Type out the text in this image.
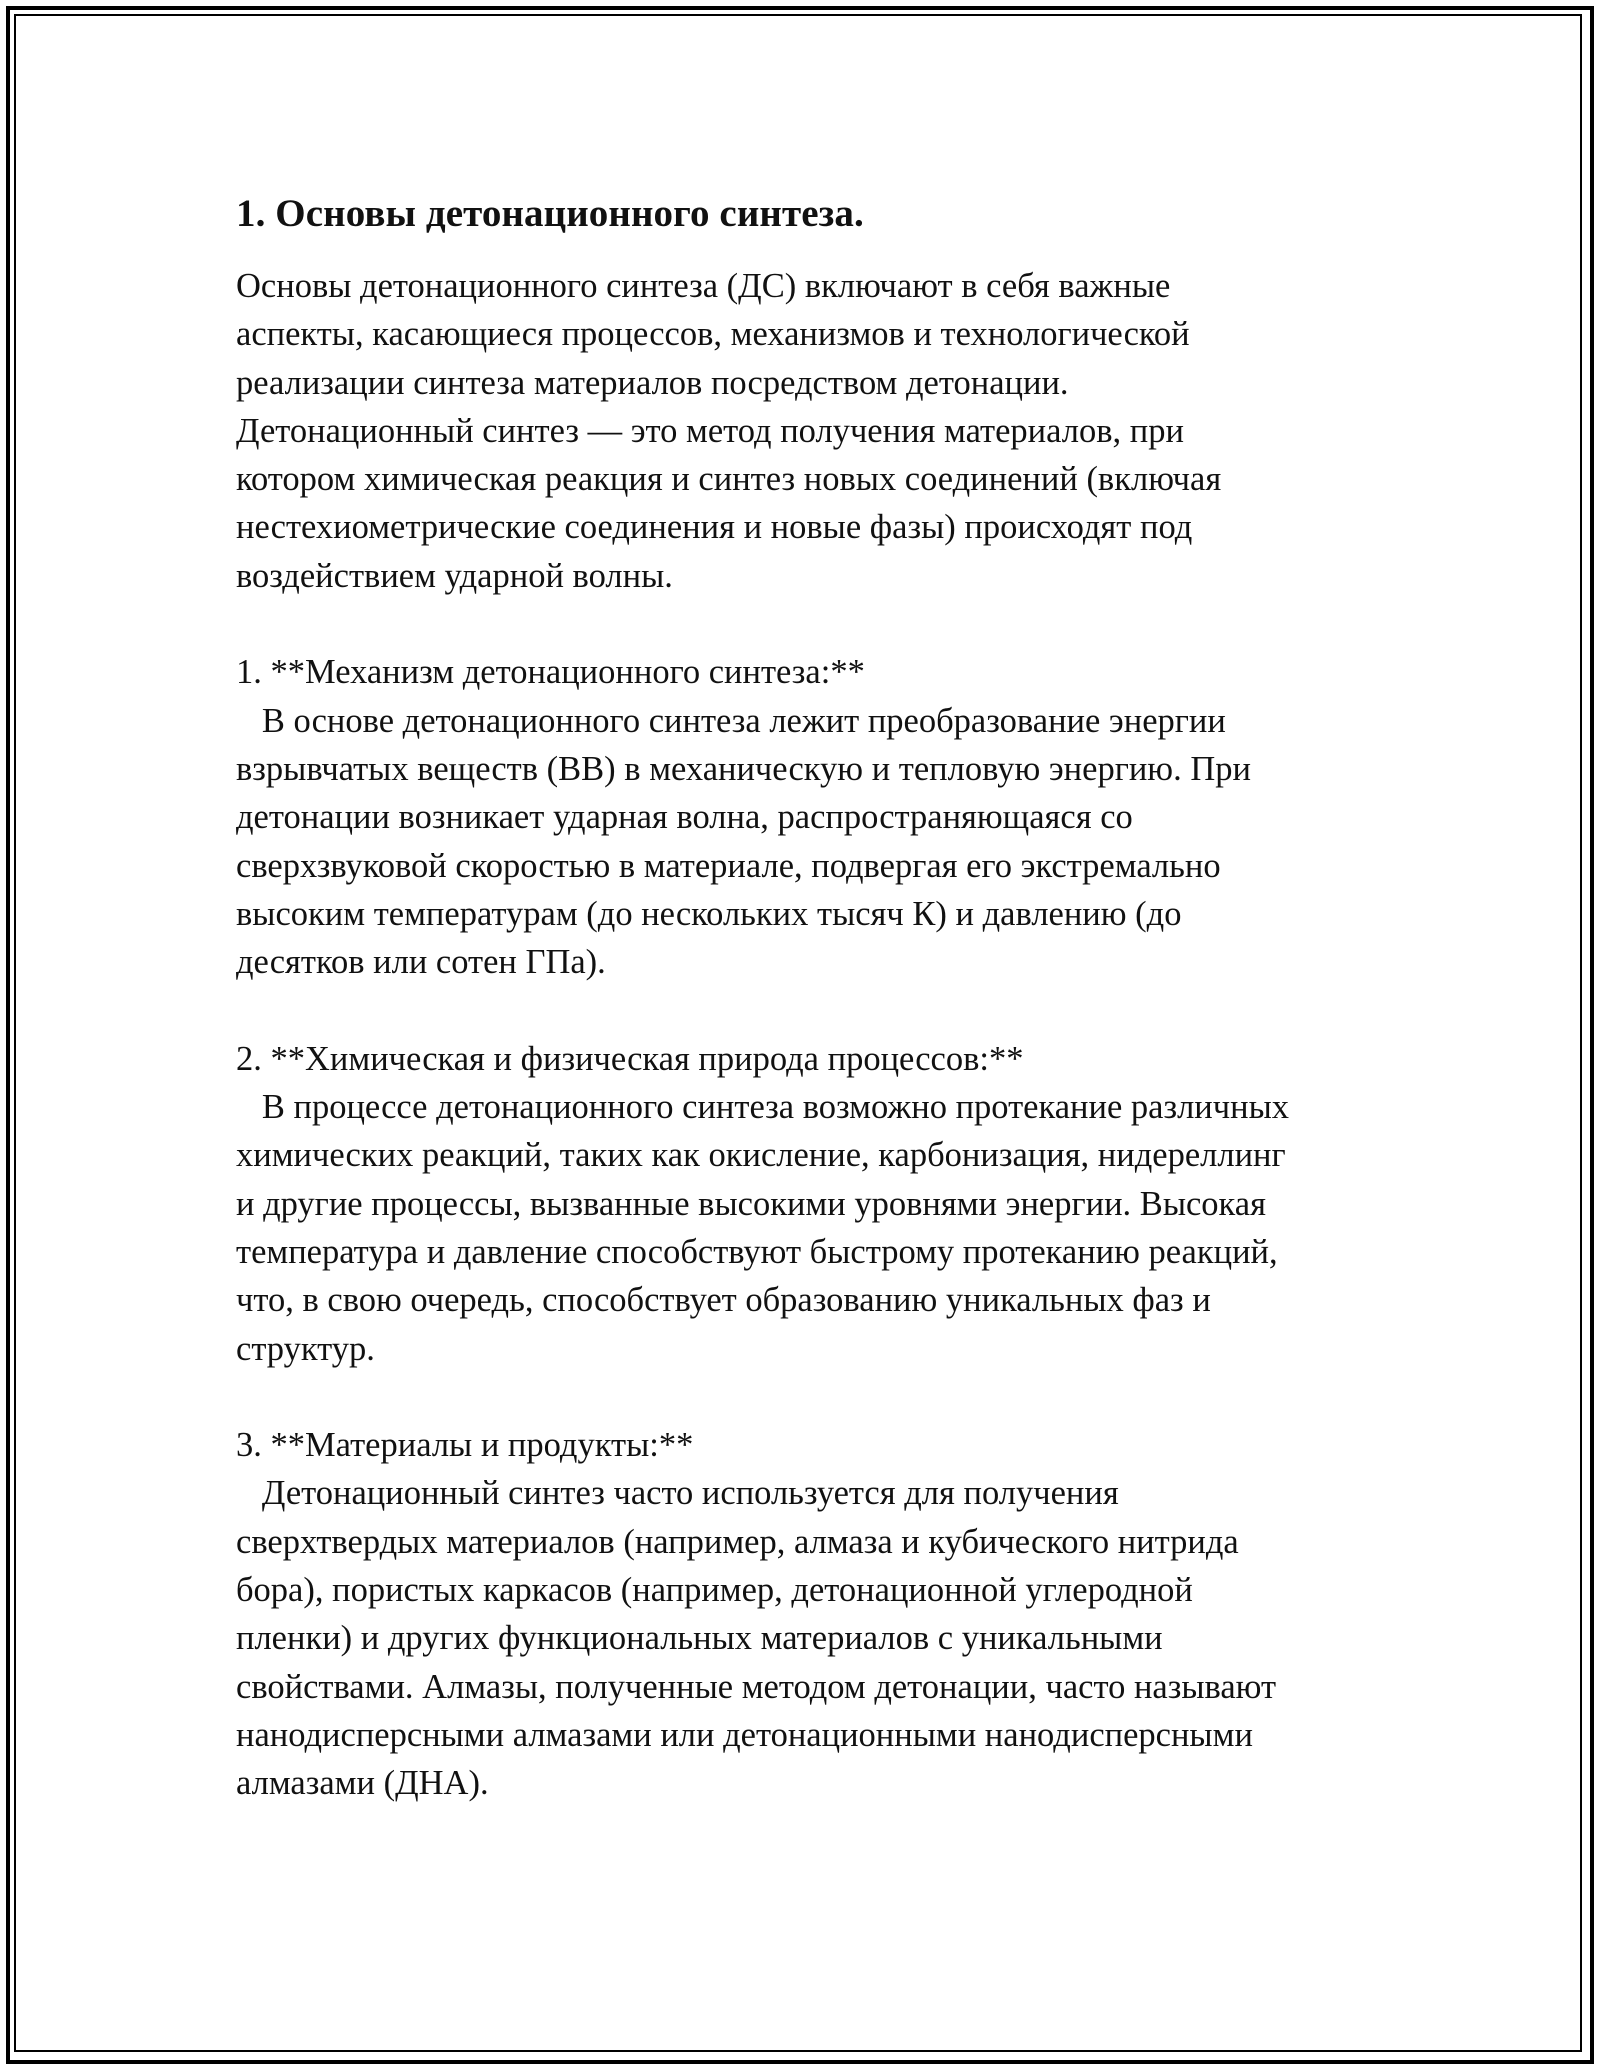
1. Основы детонационного синтеза.

Основы детонационного синтеза (ДС) включают в себя важные

аспекты, касающиеся процессов, механизмов и технологической

реализации синтеза материалов посредством детонации.

Детонационный синтез — это метод получения материалов, при

котором химическая реакция и синтез новых соединений (включая

нестехиометрические соединения и новые фазы) происходят под

воздействием ударной волны.

1. **Механизм детонационного синтеза:**

В основе детонационного синтеза лежит преобразование энергии

взрывчатых веществ (ВВ) в механическую и тепловую энергию. При

детонации возникает ударная волна, распространяющаяся со

сверхзвуковой скоростью в материале, подвергая его экстремально

высоким температурам (до нескольких тысяч К) и давлению (до

десятков или сотен ГПа).

2. **Химическая и физическая природа процессов:**

В процессе детонационного синтеза возможно протекание различных

химических реакций, таких как окисление, карбонизация, нидереллинг

и другие процессы, вызванные высокими уровнями энергии. Высокая

температура и давление способствуют быстрому протеканию реакций,

что, в свою очередь, способствует образованию уникальных фаз и

структур.

3. **Материалы и продукты:**

Детонационный синтез часто используется для получения

сверхтвердых материалов (например, алмаза и кубического нитрида

бора), пористых каркасов (например, детонационной углеродной

пленки) и других функциональных материалов с уникальными

свойствами. Алмазы, полученные методом детонации, часто называют

нанодисперсными алмазами или детонационными нанодисперсными

алмазами (ДНА).
